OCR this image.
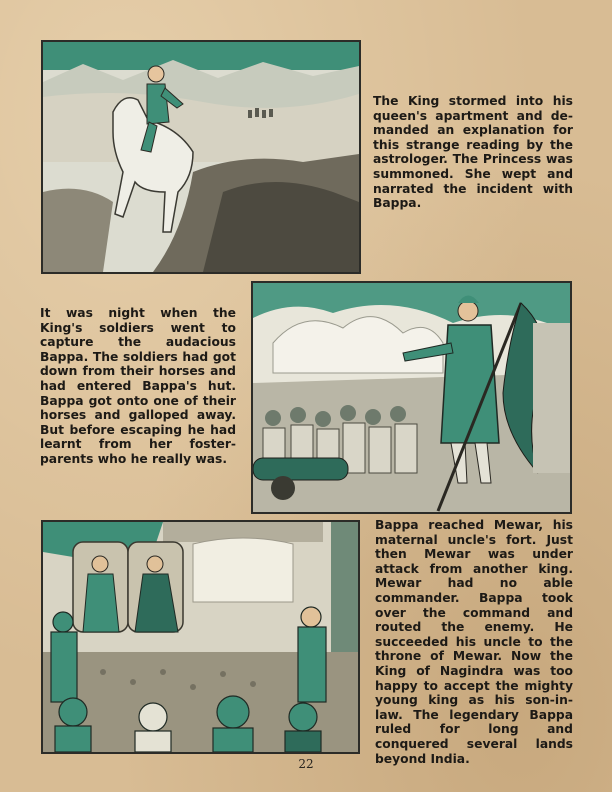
The King stormed into his queen's apartment and de-manded an explanation for this strange reading by the astrologer. The Princess was summoned. She wept and narrated the incident with Bappa.

It was night when the King's soldiers went to capture the audacious Bappa. The soldiers had got down from their horses and had entered Bappa's hut. Bappa got onto one of their horses and galloped away. But before escaping he had learnt from her foster-parents who he really was.

Bappa reached Mewar, his maternal uncle's fort. Just then Mewar was under attack from another king. Mewar had no able commander. Bappa took over the command and routed the enemy. He succeeded his uncle to the throne of Mewar. Now the King of Nagindra was too happy to accept the mighty young king as his son-in-law. The legendary Bappa ruled for long and conquered several lands beyond India.

22
